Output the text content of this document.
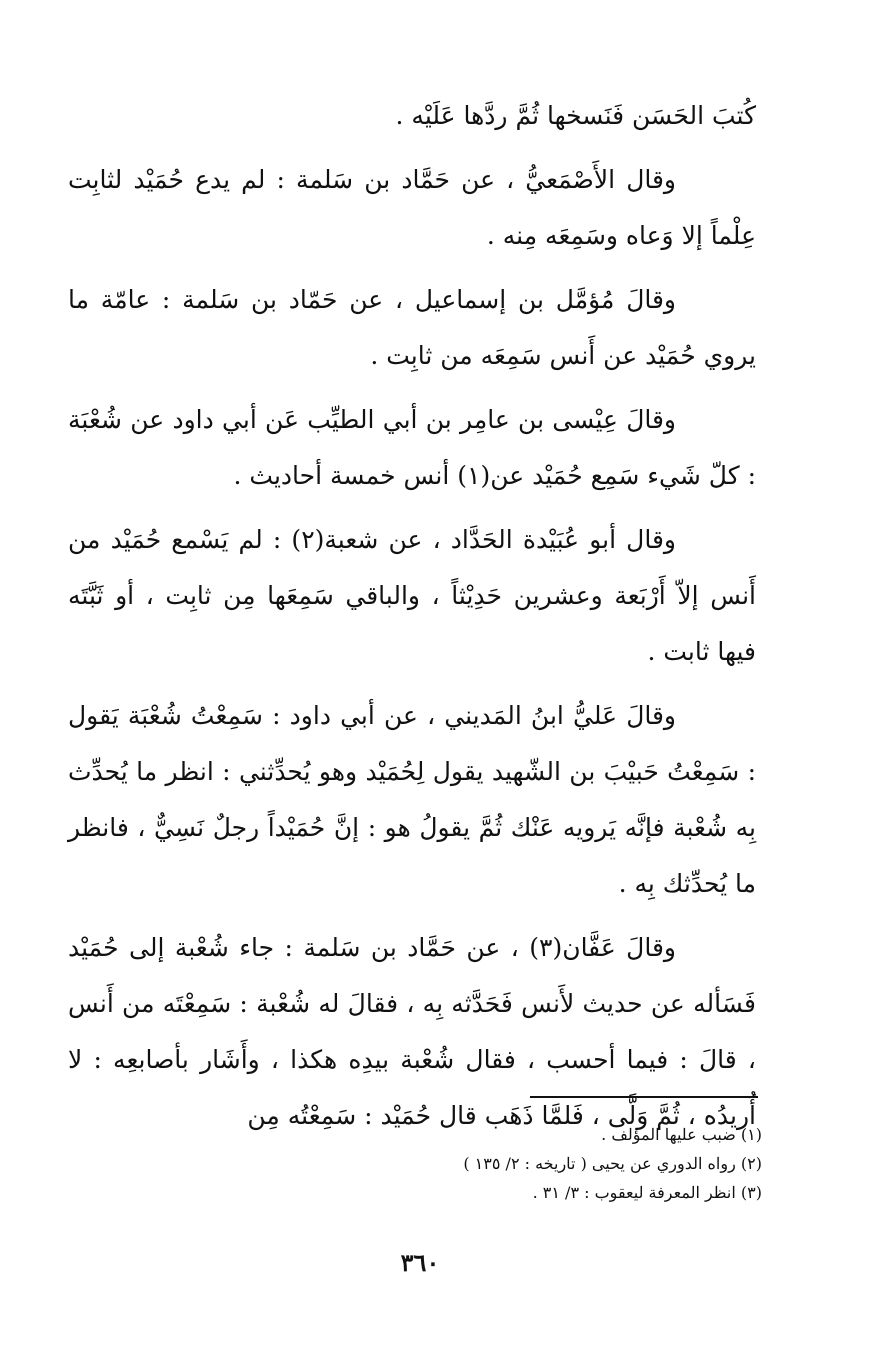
كُتبَ الحَسَن فَنَسخها ثُمَّ ردَّها عَلَيْه .

وقال الأَصْمَعيُّ ، عن حَمَّاد بن سَلمة : لم يدع حُمَيْد لثابِت عِلْماً إلا وَعاه وسَمِعَه مِنه .

وقالَ مُؤمَّل بن إسماعيل ، عن حَمّاد بن سَلمة : عامّة ما يروي حُمَيْد عن أَنس سَمِعَه من ثابِت .

وقالَ عِيْسى بن عامِر بن أبي الطيِّب عَن أبي داود عن شُعْبَة : كلّ شَيء سَمِع حُمَيْد عن(١) أنس خمسة أحاديث .

وقال أبو عُبَيْدة الحَدَّاد ، عن شعبة(٢) : لم يَسْمع حُمَيْد من أَنس إلاّ أَرْبَعة وعشرين حَدِيْثاً ، والباقي سَمِعَها مِن ثابِت ، أو ثَبَّتَه فيها ثابت .

وقالَ عَليُّ ابنُ المَديني ، عن أبي داود : سَمِعْتُ شُعْبَة يَقول : سَمِعْتُ حَبيْبَ بن الشّهيد يقول لِحُمَيْد وهو يُحدِّثني : انظر ما يُحدِّث بِه شُعْبة فإنَّه يَرويه عَنْك ثُمَّ يقولُ هو : إنَّ حُمَيْداً رجلٌ نَسِيٌّ ، فانظر ما يُحدِّثك بِه .

وقالَ عَفَّان(٣) ، عن حَمَّاد بن سَلمة : جاء شُعْبة إلى حُمَيْد فَسَأله عن حديث لأَنس فَحَدَّثه بِه ، فقالَ له شُعْبة : سَمِعْتَه من أَنس ، قالَ : فيما أحسب ، فقال شُعْبة بيدِه هكذا ، وأَشَار بأصابعِه : لا أُريدُه ، ثُمَّ وَلَّى ، فَلمَّا ذَهَب قال حُمَيْد : سَمِعْتُه مِن

(١) ضبب عليها المؤلف .

(٢) رواه الدوري عن يحيى ( تاريخه : ٢/ ١٣٥ )

(٣) انظر المعرفة ليعقوب : ٣/ ٣١ .

٣٦٠
